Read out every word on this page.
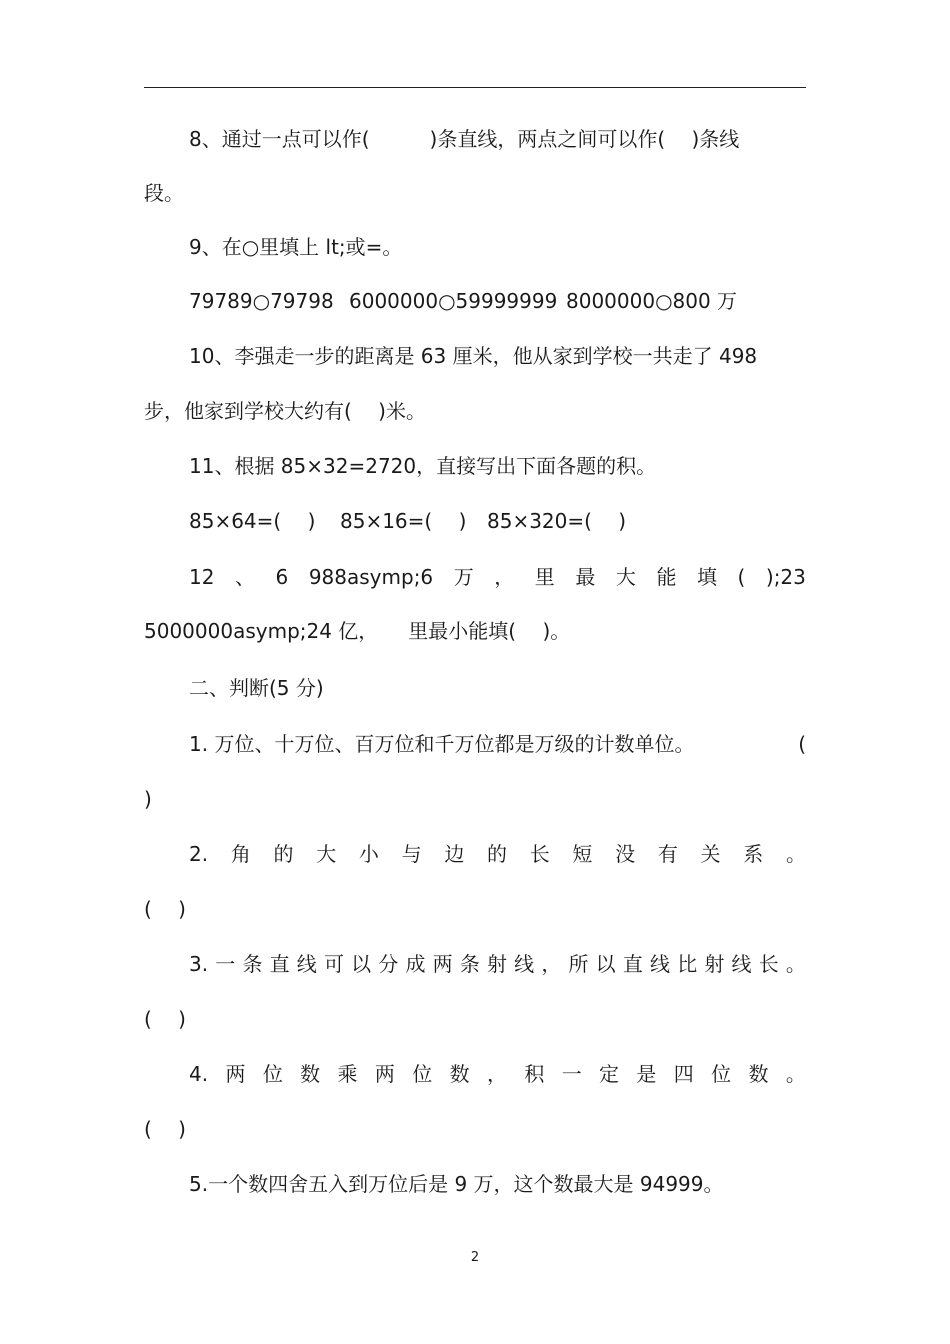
8、通过一点可以作(　　　)条直线，两点之间可以作(　 )条线
段。
9、在○里填上 lt;或=。
79789○79798 6000000○59999999 8000000○800 万
10、李强走一步的距离是 63 厘米，他从家到学校一共走了 498
步，他家到学校大约有(　 )米。
11、根据 85×32=2720，直接写出下面各题的积。
85×64=(　 ) 85×16=(　 ) 85×320=(　 )
12 、 6 988asymp;6 万 ， 里 最 大 能 填 ( );23
5000000asymp;24 亿，　　里最小能填(　 )。
二、判断(5 分)
1. 万位、十万位、百万位和千万位都是万级的计数单位。	(
)
2. 角 的 大 小 与 边 的 长 短 没 有 关 系 。
(　 )
3. 一 条 直 线 可 以 分 成 两 条 射 线 ， 所 以 直 线 比 射 线 长 。
(　 )
4. 两 位 数 乘 两 位 数 ， 积 一 定 是 四 位 数 。
(　 )
5.一个数四舍五入到万位后是 9 万，这个数最大是 94999。
2
